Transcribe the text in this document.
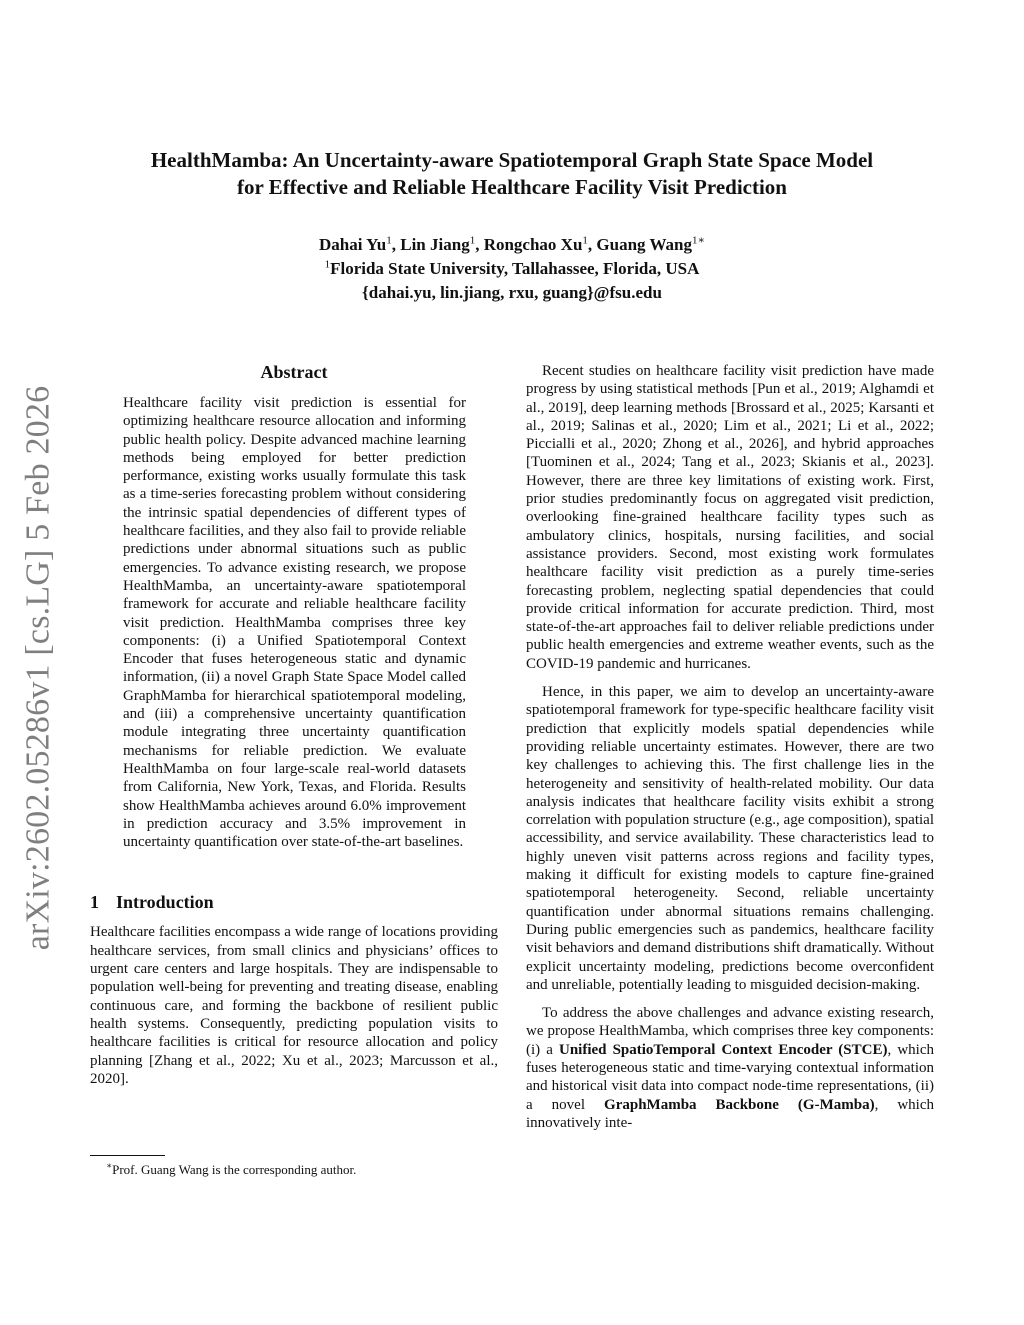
arXiv:2602.05286v1 [cs.LG] 5 Feb 2026
HealthMamba: An Uncertainty-aware Spatiotemporal Graph State Space Model
for Effective and Reliable Healthcare Facility Visit Prediction
Dahai Yu$^1$, Lin Jiang$^1$, Rongchao Xu$^1$, Guang Wang$^{1∗}$
$^1$Florida State University, Tallahassee, Florida, USA
{dahai.yu, lin.jiang, rxu, guang}@fsu.edu
Abstract

Healthcare facility visit prediction is essential for optimizing healthcare resource allocation and informing public health policy. Despite advanced machine learning methods being employed for better prediction performance, existing works usually formulate this task as a time-series forecasting problem without considering the intrinsic spatial dependencies of different types of healthcare facilities, and they also fail to provide reliable predictions under abnormal situations such as public emergencies. To advance existing research, we propose HealthMamba, an uncertainty-aware spatiotemporal framework for accurate and reliable healthcare facility visit prediction. HealthMamba comprises three key components: (i) a Unified Spatiotemporal Context Encoder that fuses heterogeneous static and dynamic information, (ii) a novel Graph State Space Model called GraphMamba for hierarchical spatiotemporal modeling, and (iii) a comprehensive uncertainty quantification module integrating three uncertainty quantification mechanisms for reliable prediction. We evaluate HealthMamba on four large-scale real-world datasets from California, New York, Texas, and Florida. Results show HealthMamba achieves around 6.0% improvement in prediction accuracy and 3.5% improvement in uncertainty quantification over state-of-the-art baselines.

1 Introduction

Healthcare facilities encompass a wide range of locations providing healthcare services, from small clinics and physicians’ offices to urgent care centers and large hospitals. They are indispensable to population well-being for preventing and treating disease, enabling continuous care, and forming the backbone of resilient public health systems. Consequently, predicting population visits to healthcare facilities is critical for resource allocation and policy planning [Zhang et al., 2022; Xu et al., 2023; Marcusson et al., 2020].

∗Prof. Guang Wang is the corresponding author.

Recent studies on healthcare facility visit prediction have made progress by using statistical methods [Pun et al., 2019; Alghamdi et al., 2019], deep learning methods [Brossard et al., 2025; Karsanti et al., 2019; Salinas et al., 2020; Lim et al., 2021; Li et al., 2022; Piccialli et al., 2020; Zhong et al., 2026], and hybrid approaches [Tuominen et al., 2024; Tang et al., 2023; Skianis et al., 2023]. However, there are three key limitations of existing work. First, prior studies predominantly focus on aggregated visit prediction, overlooking fine-grained healthcare facility types such as ambulatory clinics, hospitals, nursing facilities, and social assistance providers. Second, most existing work formulates healthcare facility visit prediction as a purely time-series forecasting problem, neglecting spatial dependencies that could provide critical information for accurate prediction. Third, most state-of-the-art approaches fail to deliver reliable predictions under public health emergencies and extreme weather events, such as the COVID-19 pandemic and hurricanes.

Hence, in this paper, we aim to develop an uncertainty-aware spatiotemporal framework for type-specific healthcare facility visit prediction that explicitly models spatial dependencies while providing reliable uncertainty estimates. However, there are two key challenges to achieving this. The first challenge lies in the heterogeneity and sensitivity of health-related mobility. Our data analysis indicates that healthcare facility visits exhibit a strong correlation with population structure (e.g., age composition), spatial accessibility, and service availability. These characteristics lead to highly uneven visit patterns across regions and facility types, making it difficult for existing models to capture fine-grained spatiotemporal heterogeneity. Second, reliable uncertainty quantification under abnormal situations remains challenging. During public emergencies such as pandemics, healthcare facility visit behaviors and demand distributions shift dramatically. Without explicit uncertainty modeling, predictions become overconfident and unreliable, potentially leading to misguided decision-making.

To address the above challenges and advance existing research, we propose HealthMamba, which comprises three key components: (i) a Unified SpatioTemporal Context Encoder (STCE), which fuses heterogeneous static and time-varying contextual information and historical visit data into compact node-time representations, (ii) a novel GraphMamba Backbone (G-Mamba), which innovatively inte-
